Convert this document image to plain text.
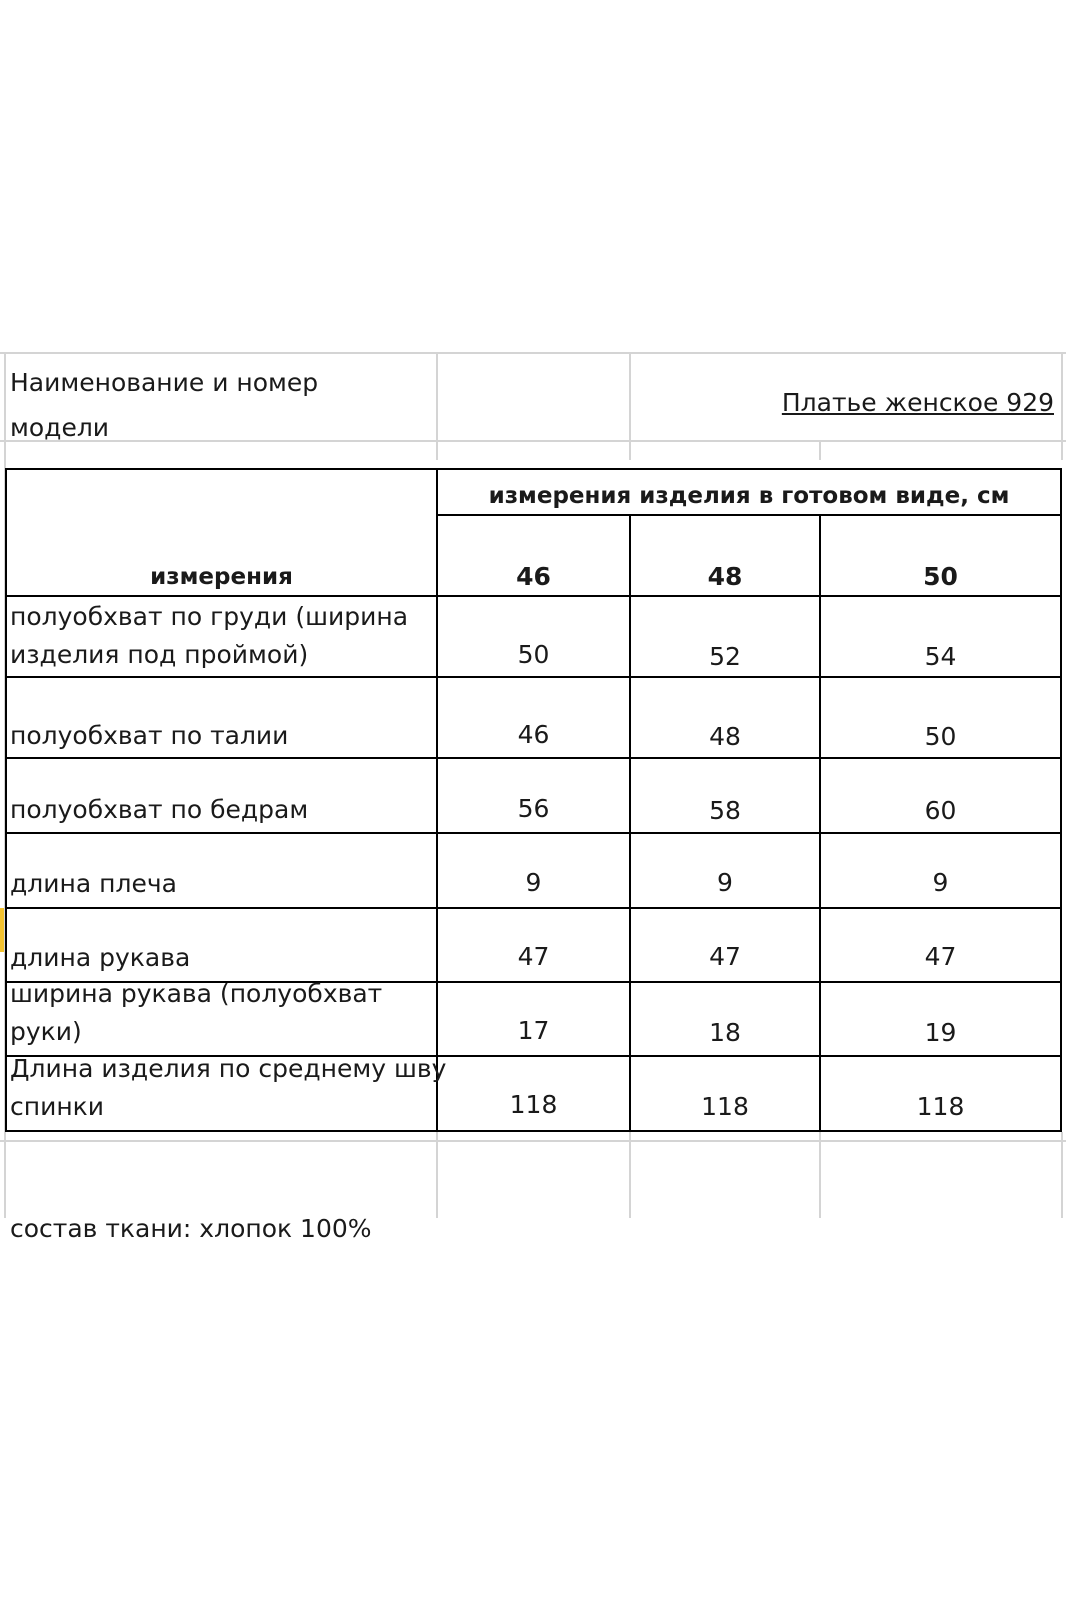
Наименование и номер
модели
Платье женское 929
измерения изделия в готовом виде, см
измерения	46	48	50
полуобхват по груди (ширина
изделия под проймой)	50	52	54
полуобхват по талии	46	48	50
полуобхват по бедрам	56	58	60
длина плеча	9	9	9
длина рукава	47	47	47
ширина рукава (полуобхват
руки)	17	18	19
Длина изделия по среднему шву
спинки	118	118	118
состав ткани: хлопок 100%
